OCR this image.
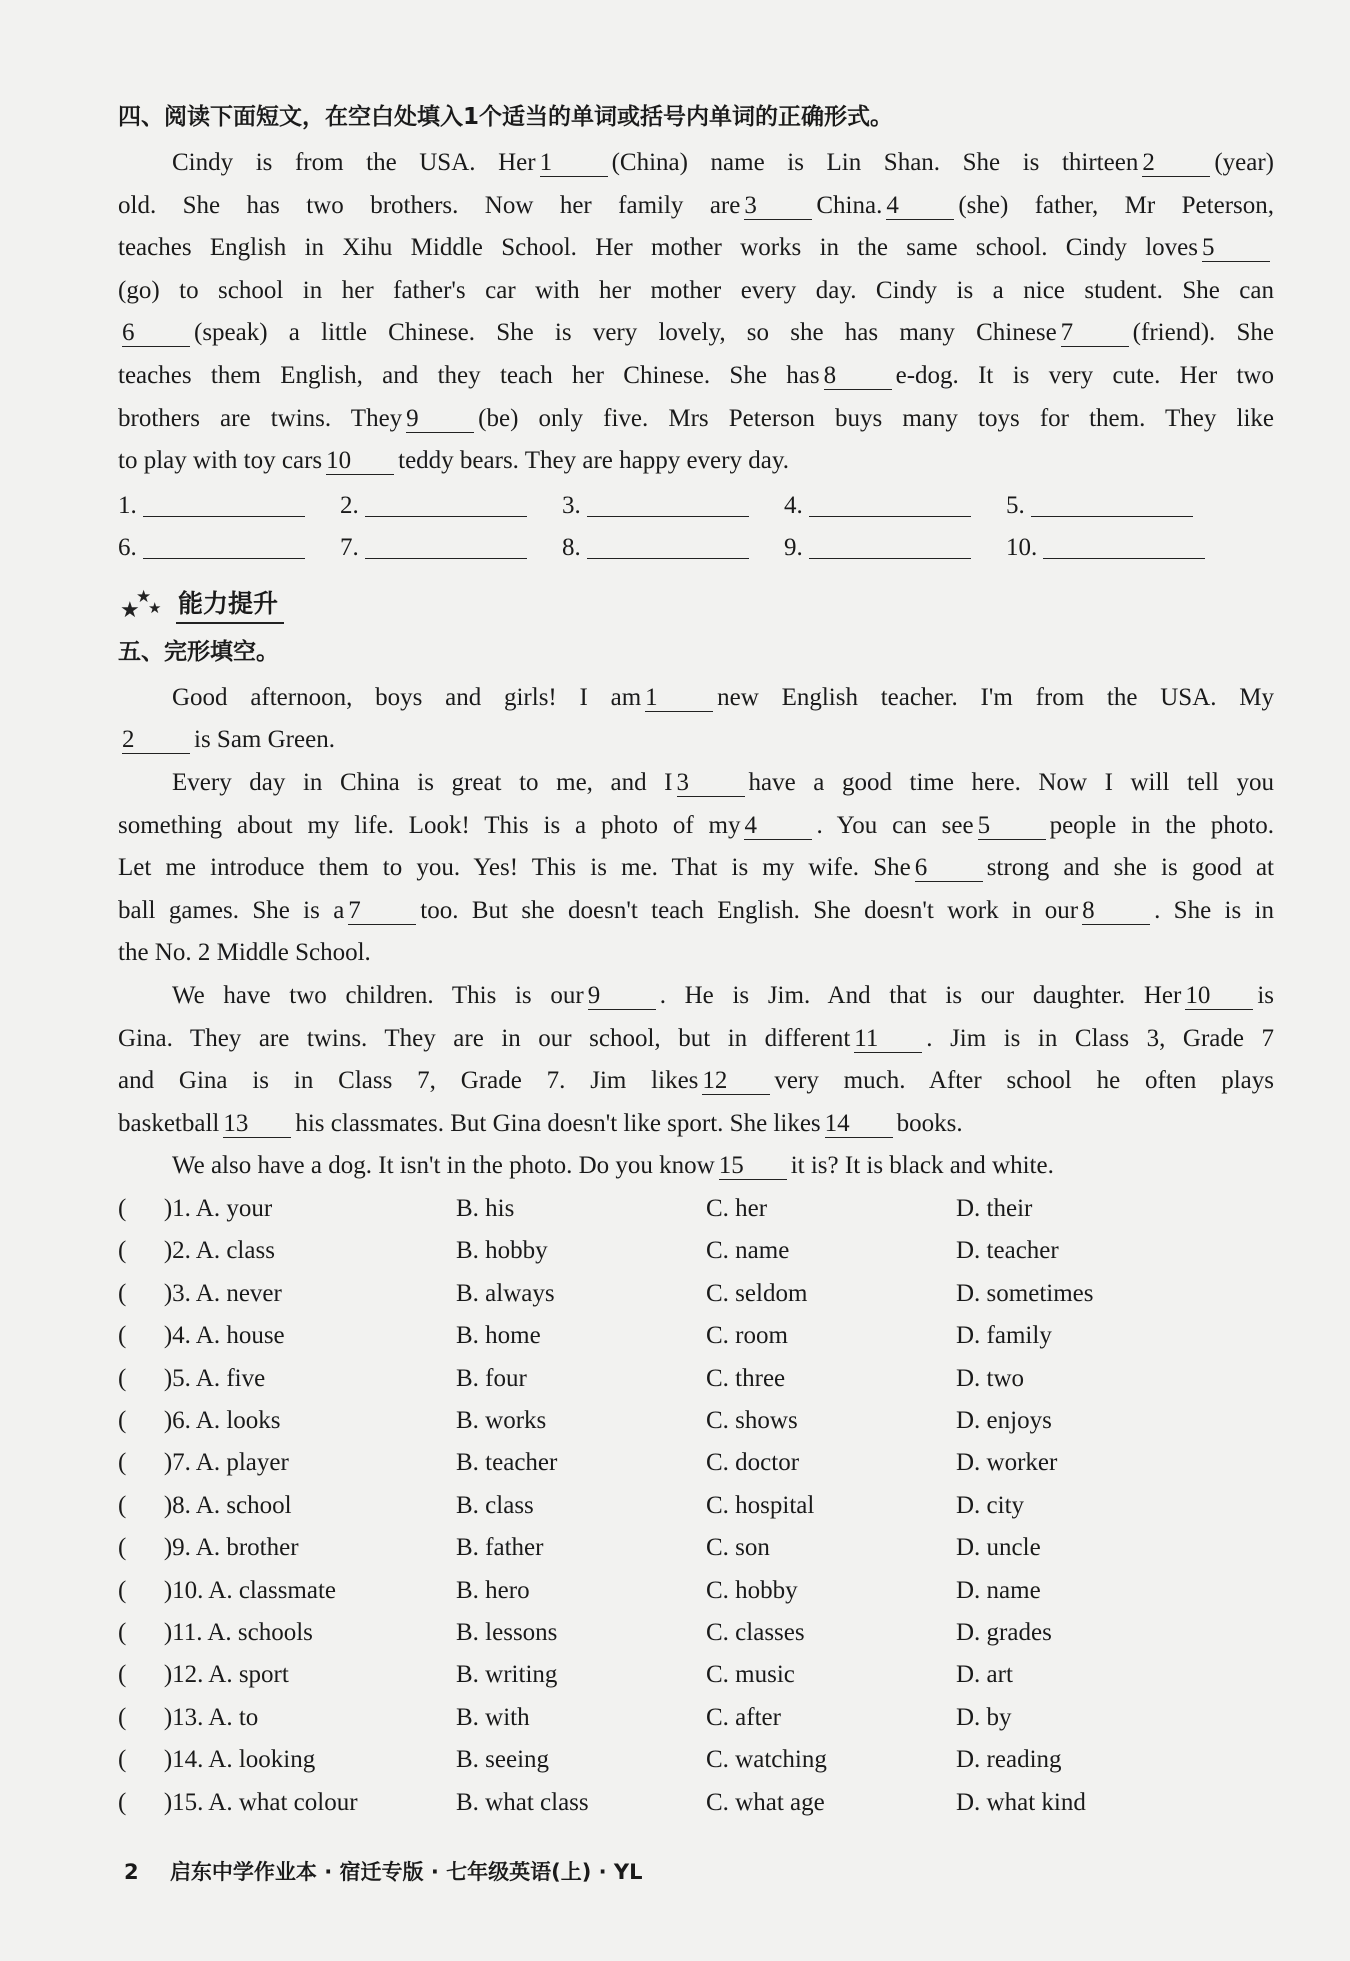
四、阅读下面短文，在空白处填入1个适当的单词或括号内单词的正确形式。
Cindy is from the USA. Her 1 (China) name is Lin Shan. She is thirteen 2 (year)
old. She has two brothers. Now her family are 3 China. 4 (she) father, Mr Peterson,
teaches English in Xihu Middle School. Her mother works in the same school. Cindy loves 5
(go) to school in her father's car with her mother every day. Cindy is a nice student. She can
6 (speak) a little Chinese. She is very lovely, so she has many Chinese 7 (friend). She
teaches them English, and they teach her Chinese. She has 8 e-dog. It is very cute. Her two
brothers are twins. They 9 (be) only five. Mrs Peterson buys many toys for them. They like
to play with toy cars 10 teddy bears. They are happy every day.
1.	2.	3.	4.	5.
6.	7.	8.	9.	10.
★
★
★ 能力提升
五、完形填空。
Good afternoon, boys and girls! I am 1 new English teacher. I'm from the USA. My
2 is Sam Green.
Every day in China is great to me, and I 3 have a good time here. Now I will tell you
something about my life. Look! This is a photo of my 4 . You can see 5 people in the photo.
Let me introduce them to you. Yes! This is me. That is my wife. She 6 strong and she is good at
ball games. She is a 7 too. But she doesn't teach English. She doesn't work in our 8 . She is in
the No. 2 Middle School.
We have two children. This is our 9 . He is Jim. And that is our daughter. Her 10 is
Gina. They are twins. They are in our school, but in different 11 . Jim is in Class 3, Grade 7
and Gina is in Class 7, Grade 7. Jim likes 12 very much. After school he often plays
basketball 13 his classmates. But Gina doesn't like sport. She likes 14 books.
We also have a dog. It isn't in the photo. Do you know 15 it is? It is black and white.
(      )1. A. your	B. his	C. her	D. their
(      )2. A. class	B. hobby	C. name	D. teacher
(      )3. A. never	B. always	C. seldom	D. sometimes
(      )4. A. house	B. home	C. room	D. family
(      )5. A. five	B. four	C. three	D. two
(      )6. A. looks	B. works	C. shows	D. enjoys
(      )7. A. player	B. teacher	C. doctor	D. worker
(      )8. A. school	B. class	C. hospital	D. city
(      )9. A. brother	B. father	C. son	D. uncle
(      )10. A. classmate	B. hero	C. hobby	D. name
(      )11. A. schools	B. lessons	C. classes	D. grades
(      )12. A. sport	B. writing	C. music	D. art
(      )13. A. to	B. with	C. after	D. by
(      )14. A. looking	B. seeing	C. watching	D. reading
(      )15. A. what colour	B. what class	C. what age	D. what kind
2 启东中学作业本 · 宿迁专版 · 七年级英语(上) · YL
